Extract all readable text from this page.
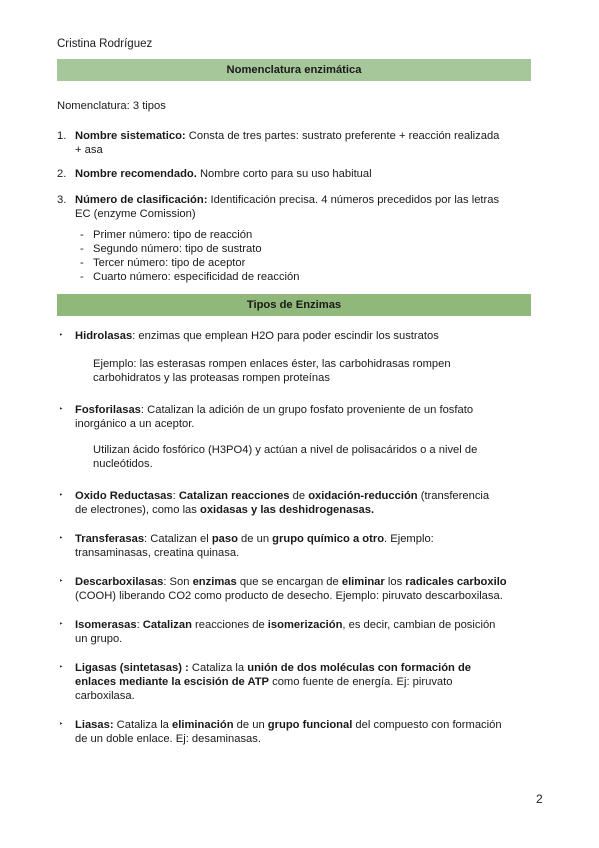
Cristina Rodríguez
Nomenclatura enzimática
Nomenclatura: 3 tipos
1. Nombre sistematico: Consta de tres partes: sustrato preferente + reacción realizada
+ asa
2. Nombre recomendado. Nombre corto para su uso habitual
3. Número de clasificación: Identificación precisa. 4 números precedidos por las letras
EC (enzyme Comission)
- Primer número: tipo de reacción
- Segundo número: tipo de sustrato
- Tercer número: tipo de aceptor
- Cuarto número: especificidad de reacción
Tipos de Enzimas
‣ Hidrolasas: enzimas que emplean H2O para poder escindir los sustratos
Ejemplo: las esterasas rompen enlaces éster, las carbohidrasas rompen
carbohidratos y las proteasas rompen proteínas
‣ Fosforilasas: Catalizan la adición de un grupo fosfato proveniente de un fosfato
inorgánico a un aceptor.
Utilizan ácido fosfórico (H3PO4) y actúan a nivel de polisacáridos o a nivel de
nucleótidos.
‣ Oxido Reductasas: Catalizan reacciones de oxidación-reducción (transferencia
de electrones), como las oxidasas y las deshidrogenasas.
‣ Transferasas: Catalizan el paso de un grupo químico a otro. Ejemplo:
transaminasas, creatina quinasa.
‣ Descarboxilasas: Son enzimas que se encargan de eliminar los radicales carboxilo
(COOH) liberando CO2 como producto de desecho. Ejemplo: piruvato descarboxilasa.
‣ Isomerasas: Catalizan reacciones de isomerización, es decir, cambian de posición
un grupo.
‣ Ligasas (sintetasas) : Cataliza la unión de dos moléculas con formación de
enlaces mediante la escisión de ATP como fuente de energía. Ej: piruvato
carboxilasa.
‣ Liasas: Cataliza la eliminación de un grupo funcional del compuesto con formación
de un doble enlace. Ej: desaminasas.
2
